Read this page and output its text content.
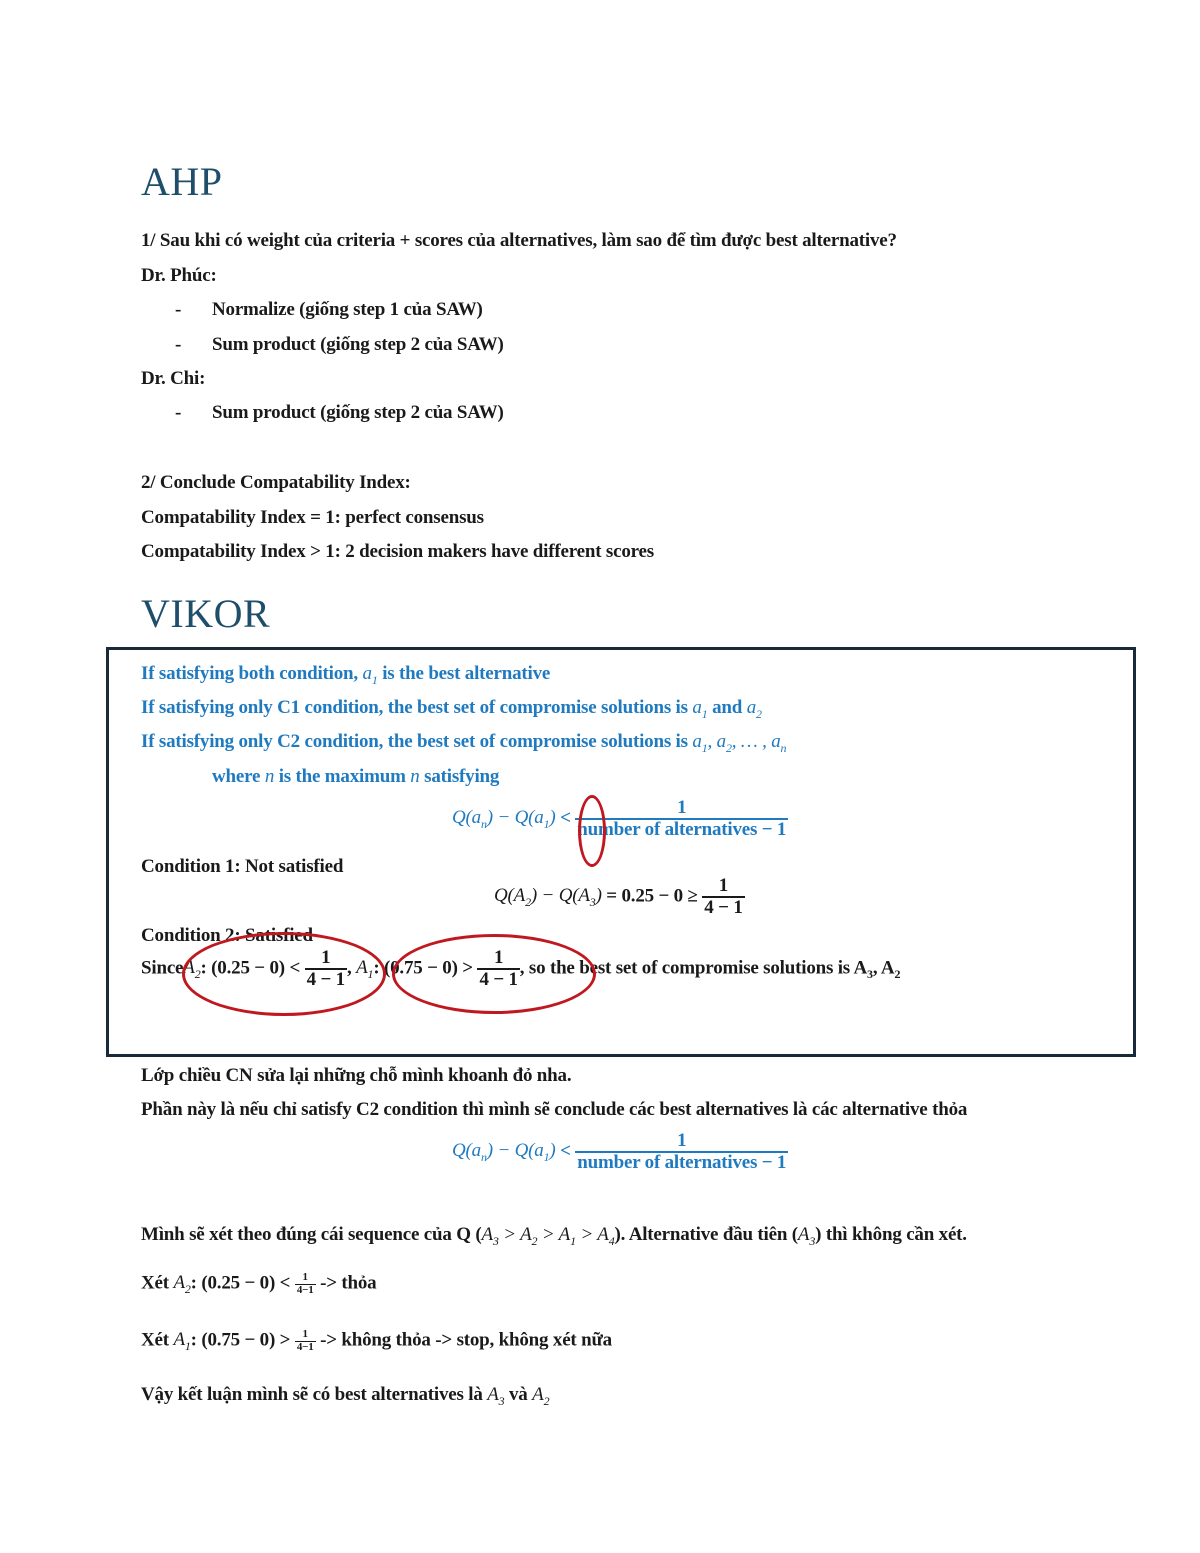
AHP
1/ Sau khi có weight của criteria + scores của alternatives, làm sao để tìm được best alternative?
Dr. Phúc:
- Normalize (giống step 1 của SAW)
- Sum product (giống step 2 của SAW)
Dr. Chi:
- Sum product (giống step 2 của SAW)
2/ Conclude Compatability Index:
Compatability Index = 1: perfect consensus
Compatability Index > 1: 2 decision makers have different scores
VIKOR
If satisfying both condition, $a_1$ is the best alternative
If satisfying only C1 condition, the best set of compromise solutions is $a_1$ and $a_2$
If satisfying only C2 condition, the best set of compromise solutions is $a_1$, $a_2$, … , $a_n$
where n is the maximum n satisfying
$Q(a_n) - Q(a_1) < \frac{1}{\text{number of alternatives − 1}}$
Condition 1: Not satisfied
$Q(A_2) - Q(A_3) = 0.25 - 0 \ge \frac{1}{4 - 1}$
Condition 2: Satisfied
SinceA$_2$: $(0.25 - 0) < \frac{1}{4 - 1}$ , $A_1$: $(0.75 - 0) > \frac{1}{4 - 1}$ , so the best set of compromise solutions is $A_3$, $A_2$
Lớp chiều CN sửa lại những chỗ mình khoanh đỏ nha.
Phần này là nếu chỉ satisfy C2 condition thì mình sẽ conclude các best alternatives là các alternative thỏa
$Q(a_n) - Q(a_1) < \frac{1}{\text{number of alternatives − 1}}$
Mình sẽ xét theo đúng cái sequence của Q $(A_3 > A_2 > A_1 > A_4)$. Alternative đầu tiên $(A_3)$ thì không cần xét.
Xét $A_2$: $(0.25 - 0) < \frac{1}{4-1}$ -> thỏa
Xét $A_1$: $(0.75 - 0) > \frac{1}{4-1}$ -> không thỏa -> stop, không xét nữa
Vậy kết luận mình sẽ có best alternatives là $A_3$ và $A_2$
